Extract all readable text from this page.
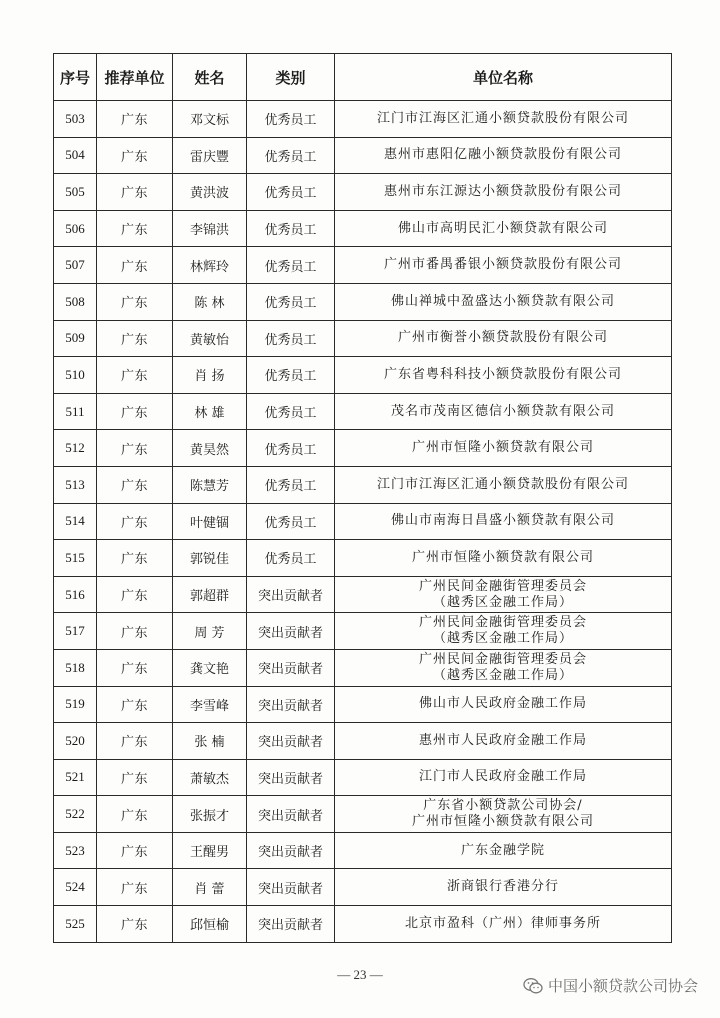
序号	推荐单位	姓名	类别	单位名称
503	广东	邓文标	优秀员工	江门市江海区汇通小额贷款股份有限公司

504	广东	雷庆豐	优秀员工	惠州市惠阳亿融小额贷款股份有限公司

505	广东	黄洪波	优秀员工	惠州市东江源达小额贷款股份有限公司

506	广东	李锦洪	优秀员工	佛山市高明民汇小额贷款有限公司

507	广东	林辉玲	优秀员工	广州市番禺番银小额贷款股份有限公司

508	广东	陈 林	优秀员工	佛山禅城中盈盛达小额贷款有限公司

509	广东	黄敏怡	优秀员工	广州市衡誉小额贷款股份有限公司

510	广东	肖 扬	优秀员工	广东省粤科科技小额贷款股份有限公司

511	广东	林 雄	优秀员工	茂名市茂南区德信小额贷款有限公司

512	广东	黄昊然	优秀员工	广州市恒隆小额贷款有限公司

513	广东	陈慧芳	优秀员工	江门市江海区汇通小额贷款股份有限公司

514	广东	叶健锢	优秀员工	佛山市南海日昌盛小额贷款有限公司

515	广东	郭锐佳	优秀员工	广州市恒隆小额贷款有限公司

516	广东	郭超群	突出贡献者	广州民间金融街管理委员会
（越秀区金融工作局）

517	广东	周 芳	突出贡献者	广州民间金融街管理委员会
（越秀区金融工作局）

518	广东	龚文艳	突出贡献者	广州民间金融街管理委员会
（越秀区金融工作局）

519	广东	李雪峰	突出贡献者	佛山市人民政府金融工作局

520	广东	张 楠	突出贡献者	惠州市人民政府金融工作局

521	广东	萧敏杰	突出贡献者	江门市人民政府金融工作局

522	广东	张振才	突出贡献者	广东省小额贷款公司协会/
广州市恒隆小额贷款有限公司

523	广东	王醒男	突出贡献者	广东金融学院

524	广东	肖 蕾	突出贡献者	浙商银行香港分行

525	广东	邱恒榆	突出贡献者	北京市盈科（广州）律师事务所
— 23 —
中国小额贷款公司协会
